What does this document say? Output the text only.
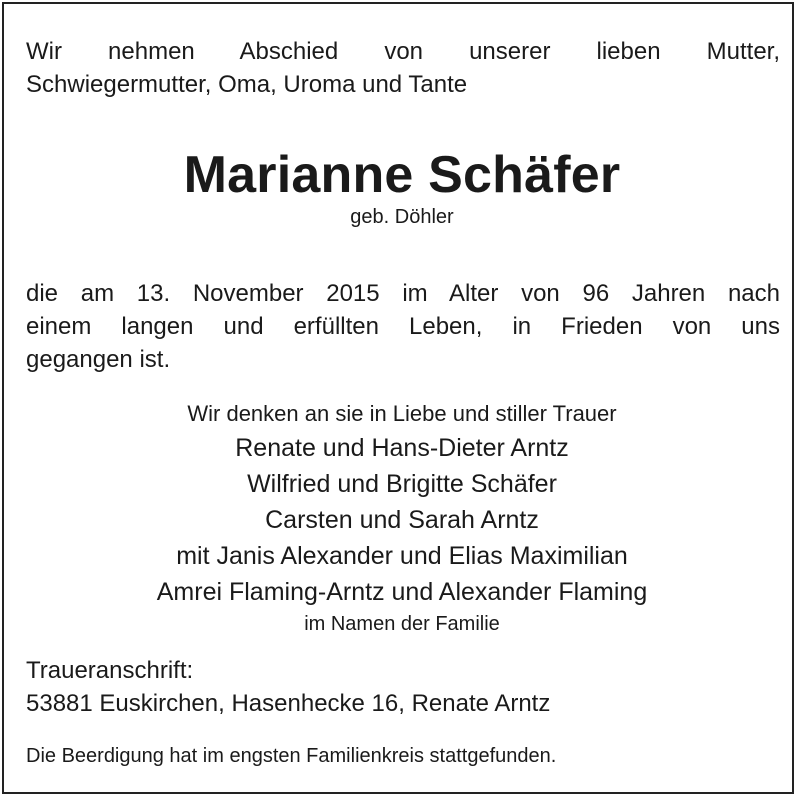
Wir nehmen Abschied von unserer lieben Mutter,
Schwiegermutter, Oma, Uroma und Tante
Marianne Schäfer
geb. Döhler
die am 13. November 2015 im Alter von 96 Jahren nach
einem langen und erfüllten Leben, in Frieden von uns
gegangen ist.
Wir denken an sie in Liebe und stiller Trauer
Renate und Hans-Dieter Arntz
Wilfried und Brigitte Schäfer
Carsten und Sarah Arntz
mit Janis Alexander und Elias Maximilian
Amrei Flaming-Arntz und Alexander Flaming
im Namen der Familie
Traueranschrift:
53881 Euskirchen, Hasenhecke 16, Renate Arntz
Die Beerdigung hat im engsten Familienkreis stattgefunden.
